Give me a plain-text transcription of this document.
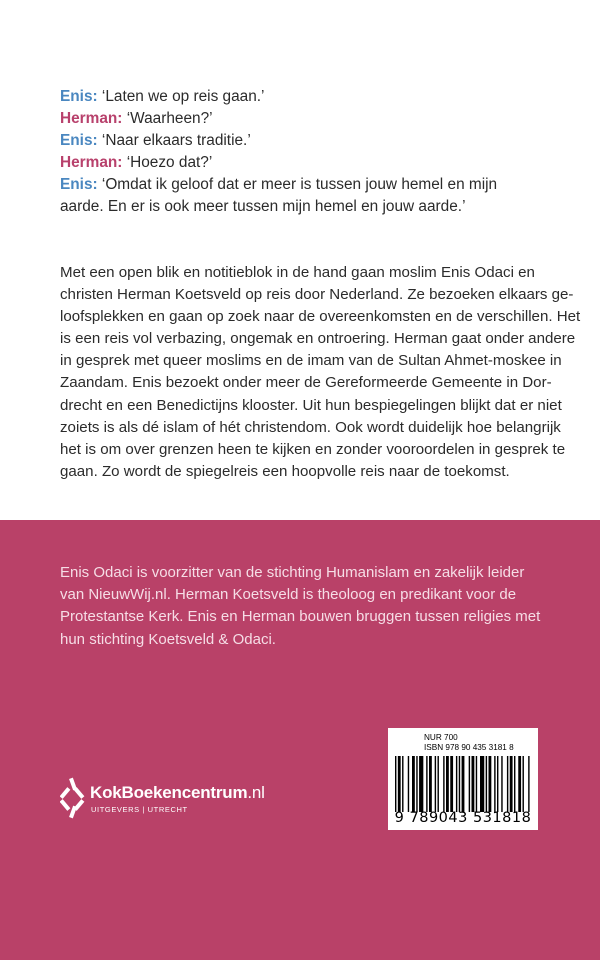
Enis: ‘Laten we op reis gaan.’
Herman: ‘Waarheen?’
Enis: ‘Naar elkaars traditie.’
Herman: ‘Hoezo dat?’
Enis: ‘Omdat ik geloof dat er meer is tussen jouw hemel en mijn
aarde. En er is ook meer tussen mijn hemel en jouw aarde.’
Met een open blik en notitieblok in de hand gaan moslim Enis Odaci en
christen Herman Koetsveld op reis door Nederland. Ze bezoeken elkaars ge-
loofsplekken en gaan op zoek naar de overeenkomsten en de verschillen. Het
is een reis vol verbazing, ongemak en ontroering. Herman gaat onder andere
in gesprek met queer moslims en de imam van de Sultan Ahmet-moskee in
Zaandam. Enis bezoekt onder meer de Gereformeerde Gemeente in Dor-
drecht en een Benedictijns klooster. Uit hun bespiegelingen blijkt dat er niet
zoiets is als dé islam of hét christendom. Ook wordt duidelijk hoe belangrijk
het is om over grenzen heen te kijken en zonder vooroordelen in gesprek te
gaan. Zo wordt de spiegelreis een hoopvolle reis naar de toekomst.
Enis Odaci is voorzitter van de stichting Humanislam en zakelijk leider
van NieuwWij.nl. Herman Koetsveld is theoloog en predikant voor de
Protestantse Kerk. Enis en Herman bouwen bruggen tussen religies met
hun stichting Koetsveld & Odaci.
KokBoekencentrum.nl
UITGEVERS | UTRECHT
NUR 700
ISBN 978 90 435 3181 8
9 789043 531818
